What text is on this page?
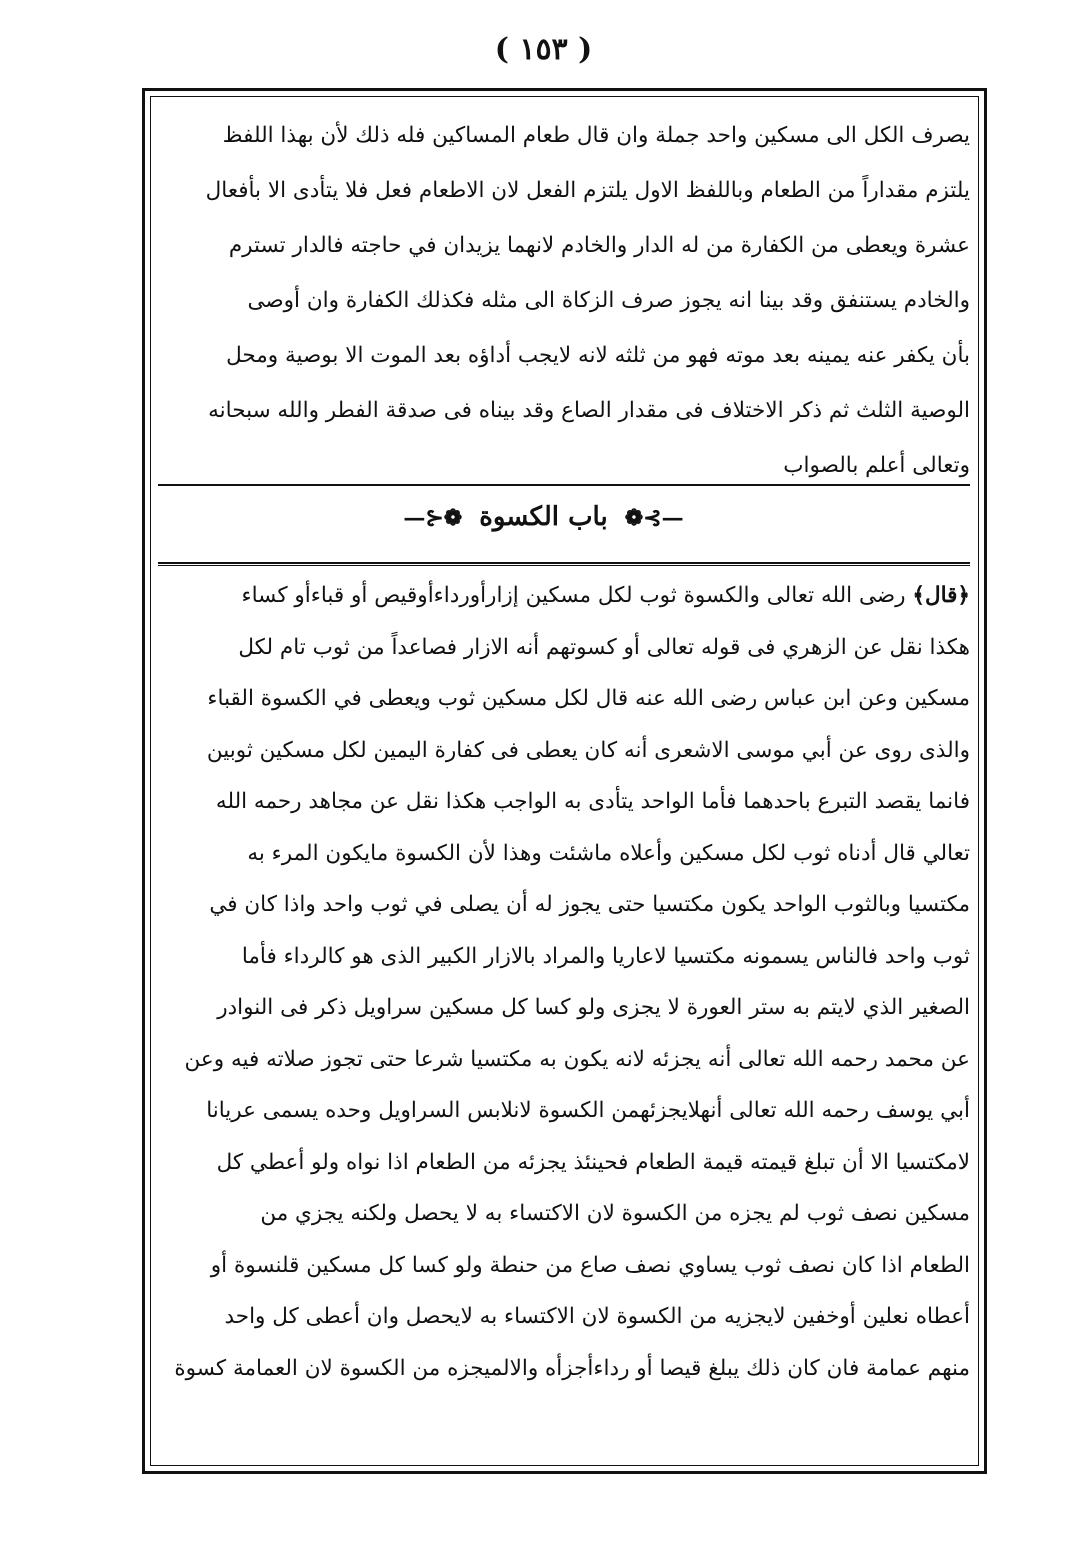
( ١٥٣ )

يصرف الكل الى مسكين واحد جملة وان قال طعام المساكين فله ذلك لأن بهذا اللفظ

يلتزم مقداراً من الطعام وباللفظ الاول يلتزم الفعل لان الاطعام فعل فلا يتأدى الا بأفعال

عشرة ويعطى من الكفارة من له الدار والخادم لانهما يزيدان في حاجته فالدار تسترم

والخادم يستنفق وقد بينا انه يجوز صرف الزكاة الى مثله فكذلك الكفارة وان أوصى

بأن يكفر عنه يمينه بعد موته فهو من ثلثه لانه لايجب أداؤه بعد الموت الا بوصية ومحل

الوصية الثلث ثم ذكر الاختلاف فى مقدار الصاع وقد بيناه فى صدقة الفطر والله سبحانه

وتعالى أعلم بالصواب

—⊱❁ باب الكسوة ❁⊰—

﴿قال﴾ رضى الله تعالى والكسوة ثوب لكل مسكين إزارأورداءأوقيص أو قباءأو كساء

هكذا نقل عن الزهري فى قوله تعالى أو كسوتهم أنه الازار فصاعداً من ثوب تام لكل

مسكين وعن ابن عباس رضى الله عنه قال لكل مسكين ثوب ويعطى في الكسوة القباء

والذى روى عن أبي موسى الاشعرى أنه كان يعطى فى كفارة اليمين لكل مسكين ثوبين

فانما يقصد التبرع باحدهما فأما الواحد يتأدى به الواجب هكذا نقل عن مجاهد رحمه الله

تعالي قال أدناه ثوب لكل مسكين وأعلاه ماشئت وهذا لأن الكسوة مايكون المرء به

مكتسيا وبالثوب الواحد يكون مكتسيا حتى يجوز له أن يصلى في ثوب واحد واذا كان في

ثوب واحد فالناس يسمونه مكتسيا لاعاريا والمراد بالازار الكبير الذى هو كالرداء فأما

الصغير الذي لايتم به ستر العورة لا يجزى ولو كسا كل مسكين سراويل ذكر فى النوادر

عن محمد رحمه الله تعالى أنه يجزئه لانه يكون به مكتسيا شرعا حتى تجوز صلاته فيه وعن

أبي يوسف رحمه الله تعالى أنهلايجزئهمن الكسوة لانلابس السراويل وحده يسمى عريانا

لامكتسيا الا أن تبلغ قيمته قيمة الطعام فحينئذ يجزئه من الطعام اذا نواه ولو أعطي كل

مسكين نصف ثوب لم يجزه من الكسوة لان الاكتساء به لا يحصل ولكنه يجزي من

الطعام اذا كان نصف ثوب يساوي نصف صاع من حنطة ولو كسا كل مسكين قلنسوة أو

أعطاه نعلين أوخفين لايجزيه من الكسوة لان الاكتساء به لايحصل وان أعطى كل واحد

منهم عمامة فان كان ذلك يبلغ قيصا أو رداءأجزأه والالميجزه من الكسوة لان العمامة كسوة
